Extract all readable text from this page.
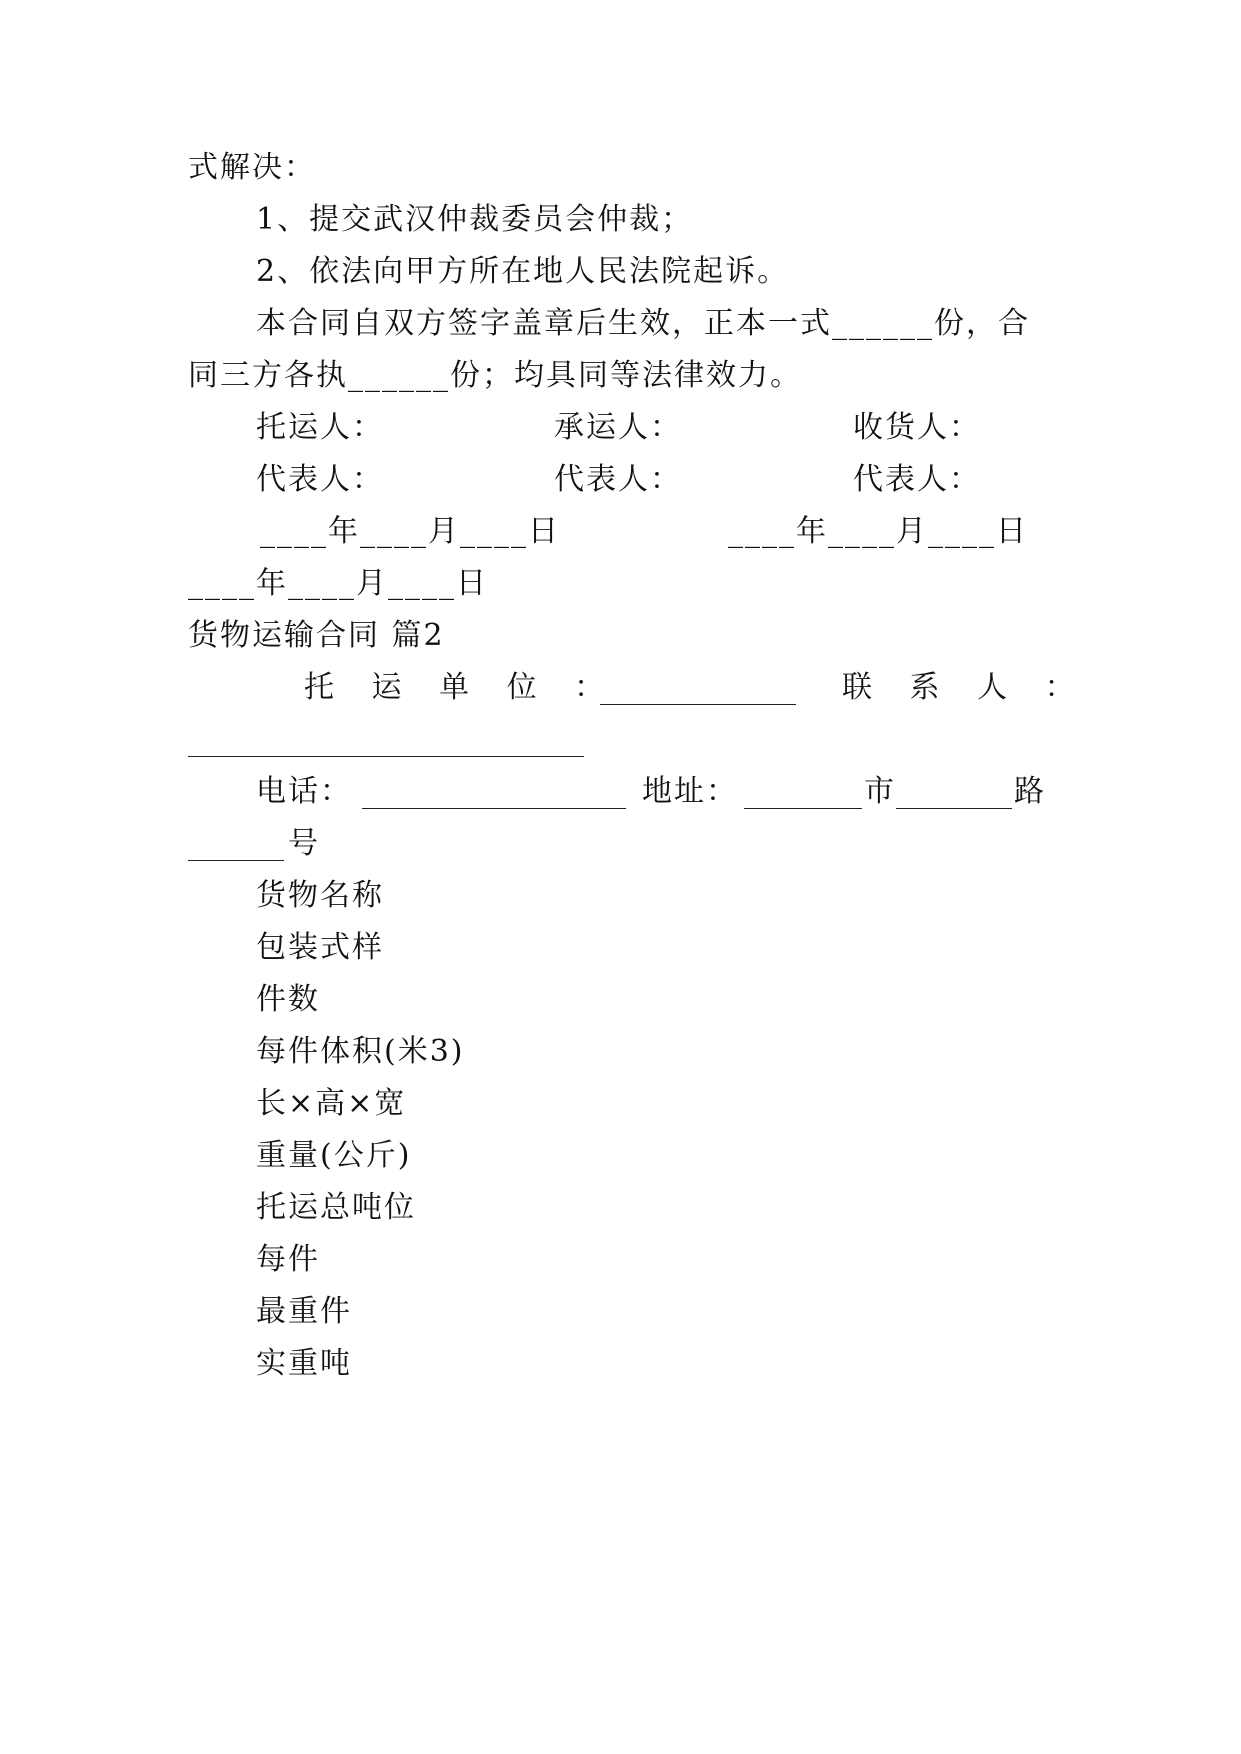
式解决：
1、提交武汉仲裁委员会仲裁；
2、依法向甲方所在地人民法院起诉。
本合同自双方签字盖章后生效，正本一式______份，合
同三方各执______份；均具同等法律效力。
托运人：	承运人：	收货人：
代表人：	代表人：	代表人：
____年____月____日	____年____月____日
____年____月____日
货物运输合同 篇2
托 运 单 位 ：	联 系 人 ：
电话：	地址：	市	路
号
货物名称
包装式样
件数
每件体积(米3)
长×高×宽
重量(公斤)
托运总吨位
每件
最重件
实重吨
